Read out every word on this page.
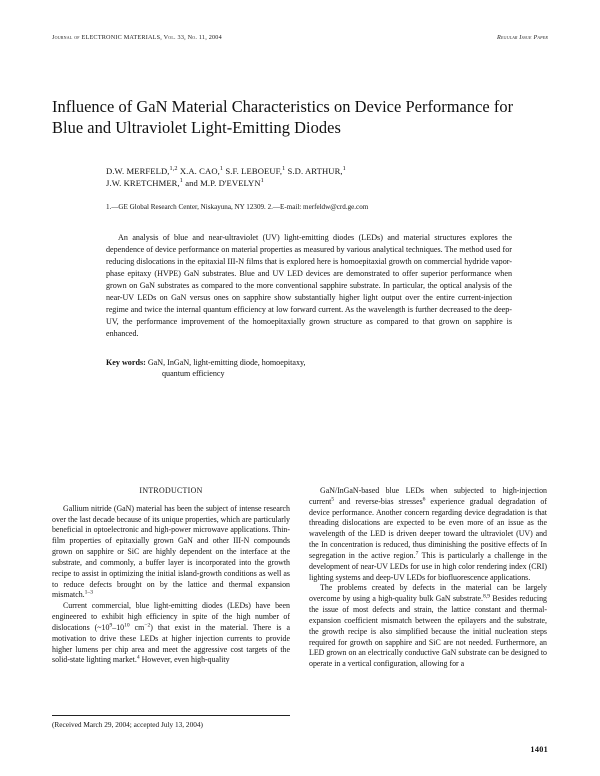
Journal of ELECTRONIC MATERIALS, Vol. 33, No. 11, 2004	Regular Issue Paper
Influence of GaN Material Characteristics on Device Performance for Blue and Ultraviolet Light-Emitting Diodes
D.W. MERFELD,$^{1,2}$ X.A. CAO,$^1$ S.F. LEBOEUF,$^1$ S.D. ARTHUR,$^1$
J.W. KRETCHMER,$^1$ and M.P. D'EVELYN$^1$
1.—GE Global Research Center, Niskayuna, NY 12309. 2.—E-mail: merfeldw@crd.ge.com

An analysis of blue and near-ultraviolet (UV) light-emitting diodes (LEDs) and material structures explores the dependence of device performance on material properties as measured by various analytical techniques. The method used for reducing dislocations in the epitaxial III-N films that is explored here is homoepitaxial growth on commercial hydride vapor-phase epitaxy (HVPE) GaN substrates. Blue and UV LED devices are demonstrated to offer superior performance when grown on GaN substrates as compared to the more conventional sapphire substrate. In particular, the optical analysis of the near-UV LEDs on GaN versus ones on sapphire show substantially higher light output over the entire current-injection regime and twice the internal quantum efficiency at low forward current. As the wavelength is further decreased to the deep-UV, the performance improvement of the homoepitaxially grown structure as compared to that grown on sapphire is enhanced.

Key words: GaN, InGaN, light-emitting diode, homoepitaxy,
quantum efficiency
INTRODUCTION

Gallium nitride (GaN) material has been the subject of intense research over the last decade because of its unique properties, which are particularly beneficial in optoelectronic and high-power microwave applications. Thin-film properties of epitaxially grown GaN and other III-N compounds grown on sapphire or SiC are highly dependent on the interface at the substrate, and commonly, a buffer layer is incorporated into the growth recipe to assist in optimizing the initial island-growth conditions as well as to reduce defects brought on by the lattice and thermal expansion mismatch.$^{1-3}$

Current commercial, blue light-emitting diodes (LEDs) have been engineered to exhibit high efficiency in spite of the high number of dislocations ($\sim 10^9-10^{10}$ $cm^{-2}$) that exist in the material. There is a motivation to drive these LEDs at higher injection currents to provide higher lumens per chip area and meet the aggressive cost targets of the solid-state lighting market.$^4$ However, even high-quality

(Received March 29, 2004; accepted July 13, 2004)

GaN/InGaN-based blue LEDs when subjected to high-injection current$^5$ and reverse-bias stresses$^6$ experience gradual degradation of device performance. Another concern regarding device degradation is that threading dislocations are expected to be even more of an issue as the wavelength of the LED is driven deeper toward the ultraviolet (UV) and the In concentration is reduced, thus diminishing the positive effects of In segregation in the active region.$^7$ This is particularly a challenge in the development of near-UV LEDs for use in high color rendering index (CRI) lighting systems and deep-UV LEDs for biofluorescence applications.

The problems created by defects in the material can be largely overcome by using a high-quality bulk GaN substrate.$^{8,9}$ Besides reducing the issue of most defects and strain, the lattice constant and thermal-expansion coefficient mismatch between the epilayers and the substrate, the growth recipe is also simplified because the initial nucleation steps required for growth on sapphire and SiC are not needed. Furthermore, an LED grown on an electrically conductive GaN substrate can be designed to operate in a vertical configuration, allowing for a

1401
